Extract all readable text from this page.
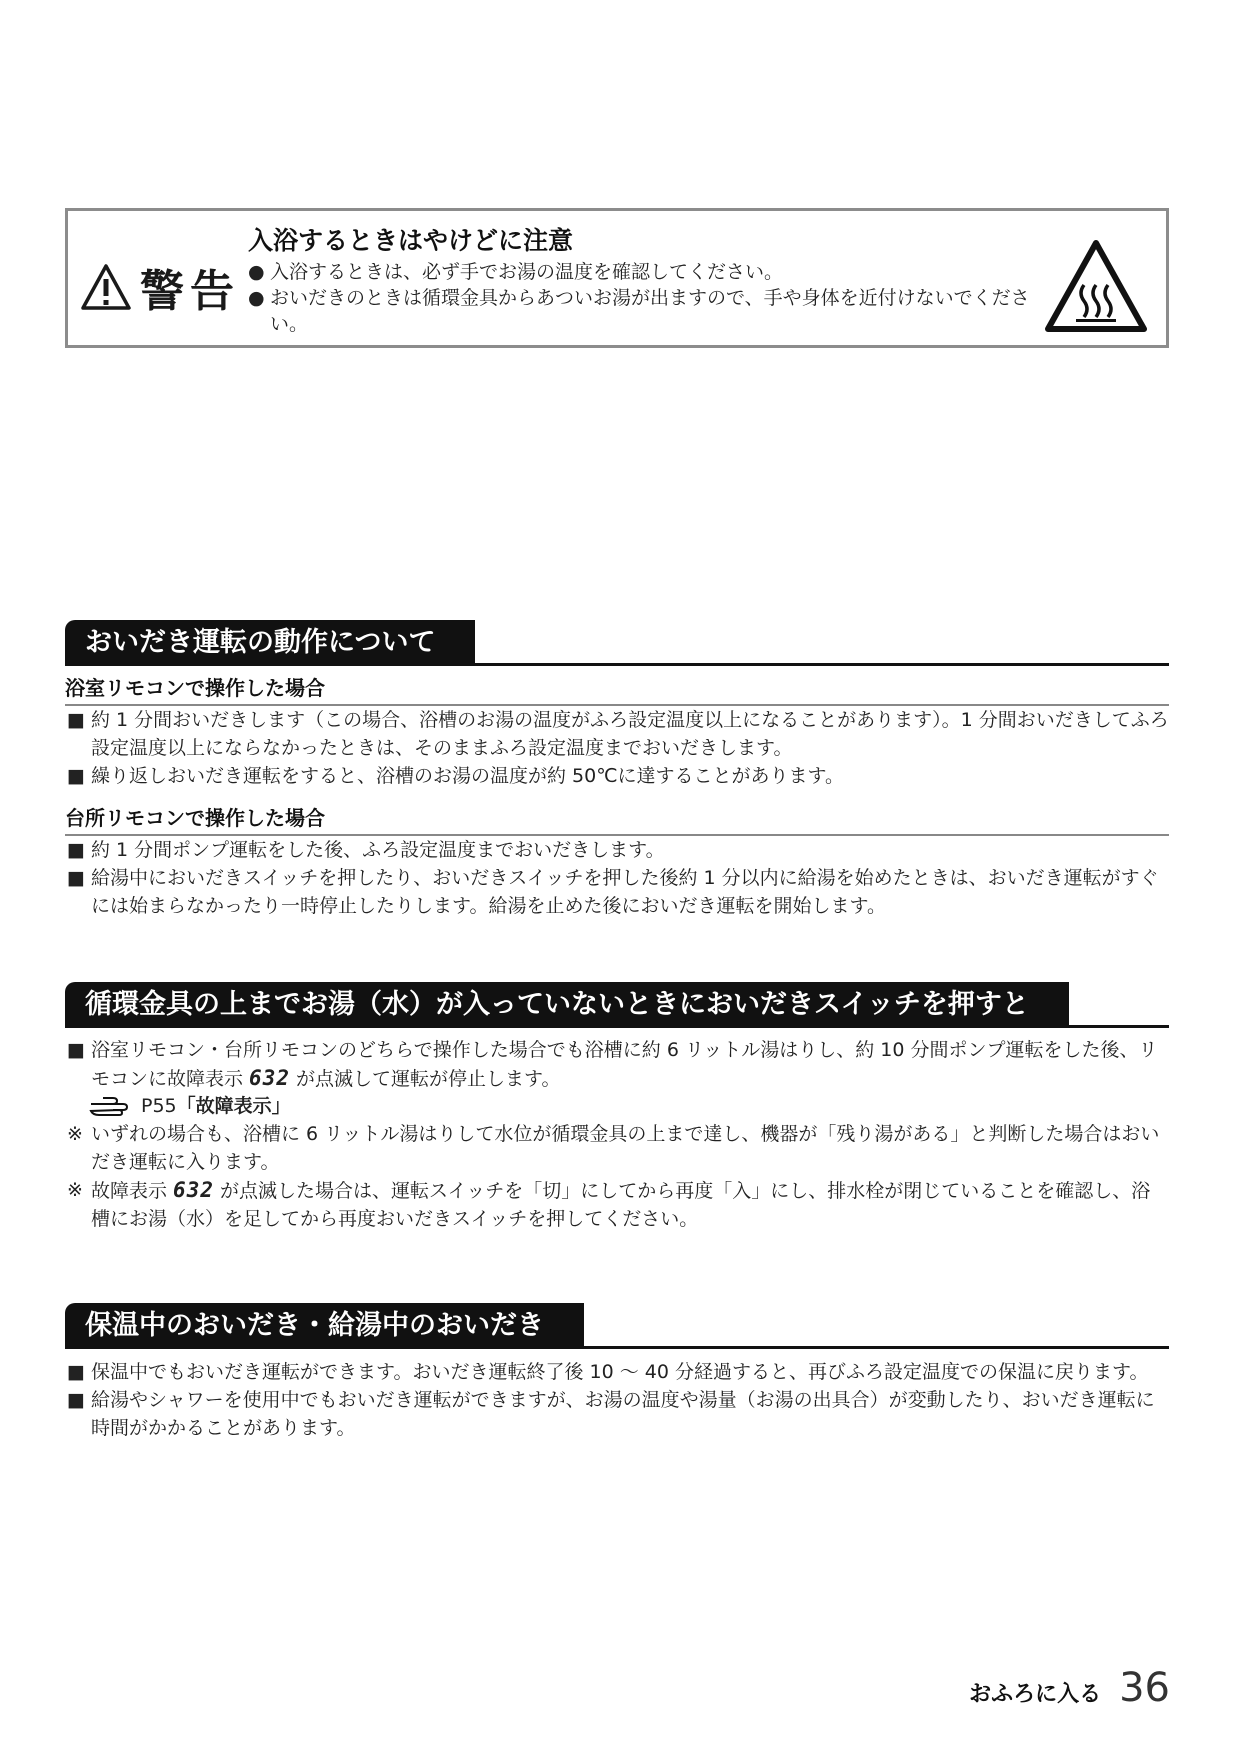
警告
入浴するときはやけどに注意
● 入浴するときは、必ず手でお湯の温度を確認してください。
● おいだきのときは循環金具からあついお湯が出ますので、手や身体を近付けないでください。
おいだき運転の動作について
浴室リモコンで操作した場合
■ 約 1 分間おいだきします（この場合、浴槽のお湯の温度がふろ設定温度以上になることがあります）。1 分間おいだきしてふろ設定温度以上にならなかったときは、そのままふろ設定温度までおいだきします。
■ 繰り返しおいだき運転をすると、浴槽のお湯の温度が約 50℃に達することがあります。
台所リモコンで操作した場合
■ 約 1 分間ポンプ運転をした後、ふろ設定温度までおいだきします。
■ 給湯中においだきスイッチを押したり、おいだきスイッチを押した後約 1 分以内に給湯を始めたときは、おいだき運転がすぐには始まらなかったり一時停止したりします。給湯を止めた後においだき運転を開始します。
循環金具の上までお湯（水）が入っていないときにおいだきスイッチを押すと
■ 浴室リモコン・台所リモコンのどちらで操作した場合でも浴槽に約 6 リットル湯はりし、約 10 分間ポンプ運転をした後、リモコンに故障表示 632 が点滅して運転が停止します。
P55 「故障表示」
※ いずれの場合も、浴槽に 6 リットル湯はりして水位が循環金具の上まで達し、機器が「残り湯がある」と判断した場合はおいだき運転に入ります。
※ 故障表示 632 が点滅した場合は、運転スイッチを「切」にしてから再度「入」にし、排水栓が閉じていることを確認し、浴槽にお湯（水）を足してから再度おいだきスイッチを押してください。
保温中のおいだき・給湯中のおいだき
■ 保温中でもおいだき運転ができます。おいだき運転終了後 10 ～ 40 分経過すると、再びふろ設定温度での保温に戻ります。
■ 給湯やシャワーを使用中でもおいだき運転ができますが、お湯の温度や湯量（お湯の出具合）が変動したり、おいだき運転に時間がかかることがあります。
おふろに入る 36
